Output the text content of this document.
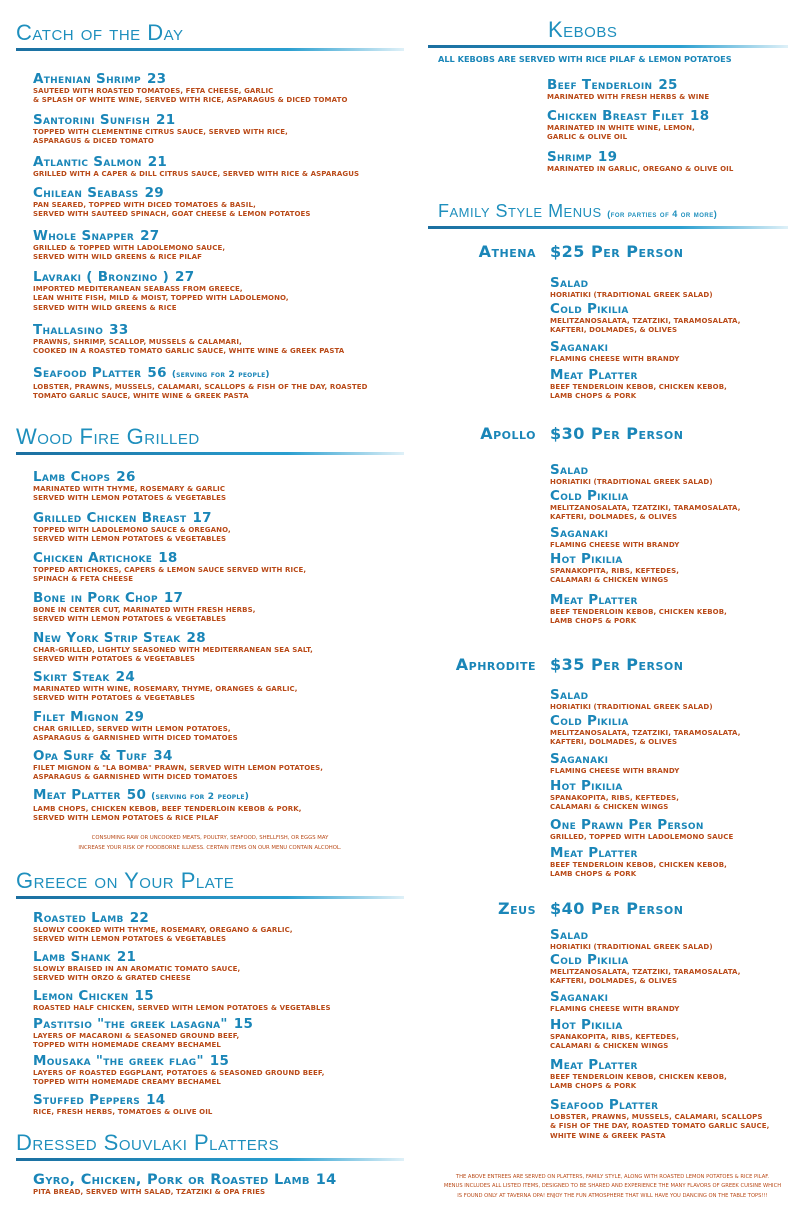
Catch of the Day
Athenian Shrimp 23
SAUTEED WITH ROASTED TOMATOES, FETA CHEESE, GARLIC
& SPLASH OF WHITE WINE, SERVED WITH RICE, ASPARAGUS & DICED TOMATO
Santorini Sunfish 21
TOPPED WITH CLEMENTINE CITRUS SAUCE, SERVED WITH RICE,
ASPARAGUS & DICED TOMATO
Atlantic Salmon 21
GRILLED WITH A CAPER & DILL CITRUS SAUCE, SERVED WITH RICE & ASPARAGUS
Chilean Seabass 29
PAN SEARED, TOPPED WITH DICED TOMATOES & BASIL,
SERVED WITH SAUTEED SPINACH, GOAT CHEESE & LEMON POTATOES
Whole Snapper 27
GRILLED & TOPPED WITH LADOLEMONO SAUCE,
SERVED WITH WILD GREENS & RICE PILAF
Lavraki ( Bronzino ) 27
IMPORTED MEDITERANEAN SEABASS FROM GREECE,
LEAN WHITE FISH, MILD & MOIST, TOPPED WITH LADOLEMONO,
SERVED WITH WILD GREENS & RICE
Thallasino 33
PRAWNS, SHRIMP, SCALLOP, MUSSELS & CALAMARI,
COOKED IN A ROASTED TOMATO GARLIC SAUCE, WHITE WINE & GREEK PASTA
Seafood Platter 56 (serving for 2 people)
LOBSTER, PRAWNS, MUSSELS, CALAMARI, SCALLOPS & FISH OF THE DAY, ROASTED
TOMATO GARLIC SAUCE, WHITE WINE & GREEK PASTA
Wood Fire Grilled
Lamb Chops 26
MARINATED WITH THYME, ROSEMARY & GARLIC
SERVED WITH LEMON POTATOES & VEGETABLES
Grilled Chicken Breast 17
TOPPED WITH LADOLEMONO SAUCE & OREGANO,
SERVED WITH LEMON POTATOES & VEGETABLES
Chicken Artichoke 18
TOPPED ARTICHOKES, CAPERS & LEMON SAUCE SERVED WITH RICE,
SPINACH & FETA CHEESE
Bone in Pork Chop 17
BONE IN CENTER CUT, MARINATED WITH FRESH HERBS,
SERVED WITH LEMON POTATOES & VEGETABLES
New York Strip Steak 28
CHAR-GRILLED, LIGHTLY SEASONED WITH MEDITERRANEAN SEA SALT,
SERVED WITH POTATOES & VEGETABLES
Skirt Steak 24
MARINATED WITH WINE, ROSEMARY, THYME, ORANGES & GARLIC,
SERVED WITH POTATOES & VEGETABLES
Filet Mignon 29
CHAR GRILLED, SERVED WITH LEMON POTATOES,
ASPARAGUS & GARNISHED WITH DICED TOMATOES
Opa Surf & Turf 34
FILET MIGNON & "LA BOMBA" PRAWN, SERVED WITH LEMON POTATOES,
ASPARAGUS & GARNISHED WITH DICED TOMATOES
Meat Platter 50 (serving for 2 people)
LAMB CHOPS, CHICKEN KEBOB, BEEF TENDERLOIN KEBOB & PORK,
SERVED WITH LEMON POTATOES & RICE PILAF
CONSUMING RAW OR UNCOOKED MEATS, POULTRY, SEAFOOD, SHELLFISH, OR EGGS MAY
INCREASE YOUR RISK OF FOODBORNE ILLNESS. CERTAIN ITEMS ON OUR MENU CONTAIN ALCOHOL.
Greece on Your Plate
Roasted Lamb 22
SLOWLY COOKED WITH THYME, ROSEMARY, OREGANO & GARLIC,
SERVED WITH LEMON POTATOES & VEGETABLES
Lamb Shank 21
SLOWLY BRAISED IN AN AROMATIC TOMATO SAUCE,
SERVED WITH ORZO & GRATED CHEESE
Lemon Chicken 15
ROASTED HALF CHICKEN, SERVED WITH LEMON POTATOES & VEGETABLES
Pastitsio "the greek lasagna" 15
LAYERS OF MACARONI & SEASONED GROUND BEEF,
TOPPED WITH HOMEMADE CREAMY BECHAMEL
Mousaka "the greek flag" 15
LAYERS OF ROASTED EGGPLANT, POTATOES & SEASONED GROUND BEEF,
TOPPED WITH HOMEMADE CREAMY BECHAMEL
Stuffed Peppers 14
RICE, FRESH HERBS, TOMATOES & OLIVE OIL
Dressed Souvlaki Platters
Gyro, Chicken, Pork or Roasted Lamb 14
PITA BREAD, SERVED WITH SALAD, TZATZIKI & OPA FRIES
Kebobs
ALL KEBOBS ARE SERVED WITH RICE PILAF & LEMON POTATOES
Beef Tenderloin 25
MARINATED WITH FRESH HERBS & WINE
Chicken Breast Filet 18
MARINATED IN WHITE WINE, LEMON,
GARLIC & OLIVE OIL
Shrimp 19
MARINATED IN GARLIC, OREGANO & OLIVE OIL
Family Style Menus (for parties of 4 or more)
Athena $25 Per Person
Salad
HORIATIKI (TRADITIONAL GREEK SALAD)
Cold Pikilia
MELITZANOSALATA, TZATZIKI, TARAMOSALATA,
KAFTERI, DOLMADES, & OLIVES
Saganaki
FLAMING CHEESE WITH BRANDY
Meat Platter
BEEF TENDERLOIN KEBOB, CHICKEN KEBOB,
LAMB CHOPS & PORK
Apollo $30 Per Person
Salad
HORIATIKI (TRADITIONAL GREEK SALAD)
Cold Pikilia
MELITZANOSALATA, TZATZIKI, TARAMOSALATA,
KAFTERI, DOLMADES, & OLIVES
Saganaki
FLAMING CHEESE WITH BRANDY
Hot Pikilia
SPANAKOPITA, RIBS, KEFTEDES,
CALAMARI & CHICKEN WINGS
Meat Platter
BEEF TENDERLOIN KEBOB, CHICKEN KEBOB,
LAMB CHOPS & PORK
Aphrodite $35 Per Person
Salad
HORIATIKI (TRADITIONAL GREEK SALAD)
Cold Pikilia
MELITZANOSALATA, TZATZIKI, TARAMOSALATA,
KAFTERI, DOLMADES, & OLIVES
Saganaki
FLAMING CHEESE WITH BRANDY
Hot Pikilia
SPANAKOPITA, RIBS, KEFTEDES,
CALAMARI & CHICKEN WINGS
One Prawn Per Person
GRILLED, TOPPED WITH LADOLEMONO SAUCE
Meat Platter
BEEF TENDERLOIN KEBOB, CHICKEN KEBOB,
LAMB CHOPS & PORK
Zeus $40 Per Person
Salad
HORIATIKI (TRADITIONAL GREEK SALAD)
Cold Pikilia
MELITZANOSALATA, TZATZIKI, TARAMOSALATA,
KAFTERI, DOLMADES, & OLIVES
Saganaki
FLAMING CHEESE WITH BRANDY
Hot Pikilia
SPANAKOPITA, RIBS, KEFTEDES,
CALAMARI & CHICKEN WINGS
Meat Platter
BEEF TENDERLOIN KEBOB, CHICKEN KEBOB,
LAMB CHOPS & PORK
Seafood Platter
LOBSTER, PRAWNS, MUSSELS, CALAMARI, SCALLOPS
& FISH OF THE DAY, ROASTED TOMATO GARLIC SAUCE,
WHITE WINE & GREEK PASTA
THE ABOVE ENTREES ARE SERVED ON PLATTERS, FAMILY STYLE, ALONG WITH ROASTED LEMON POTATOES & RICE PILAF.
MENUS INCLUDES ALL LISTED ITEMS, DESIGNED TO BE SHARED AND EXPERIENCE THE MANY FLAVORS OF GREEK CUISINE WHICH
IS FOUND ONLY AT TAVERNA OPA! ENJOY THE FUN ATMOSPHERE THAT WILL HAVE YOU DANCING ON THE TABLE TOPS!!!
